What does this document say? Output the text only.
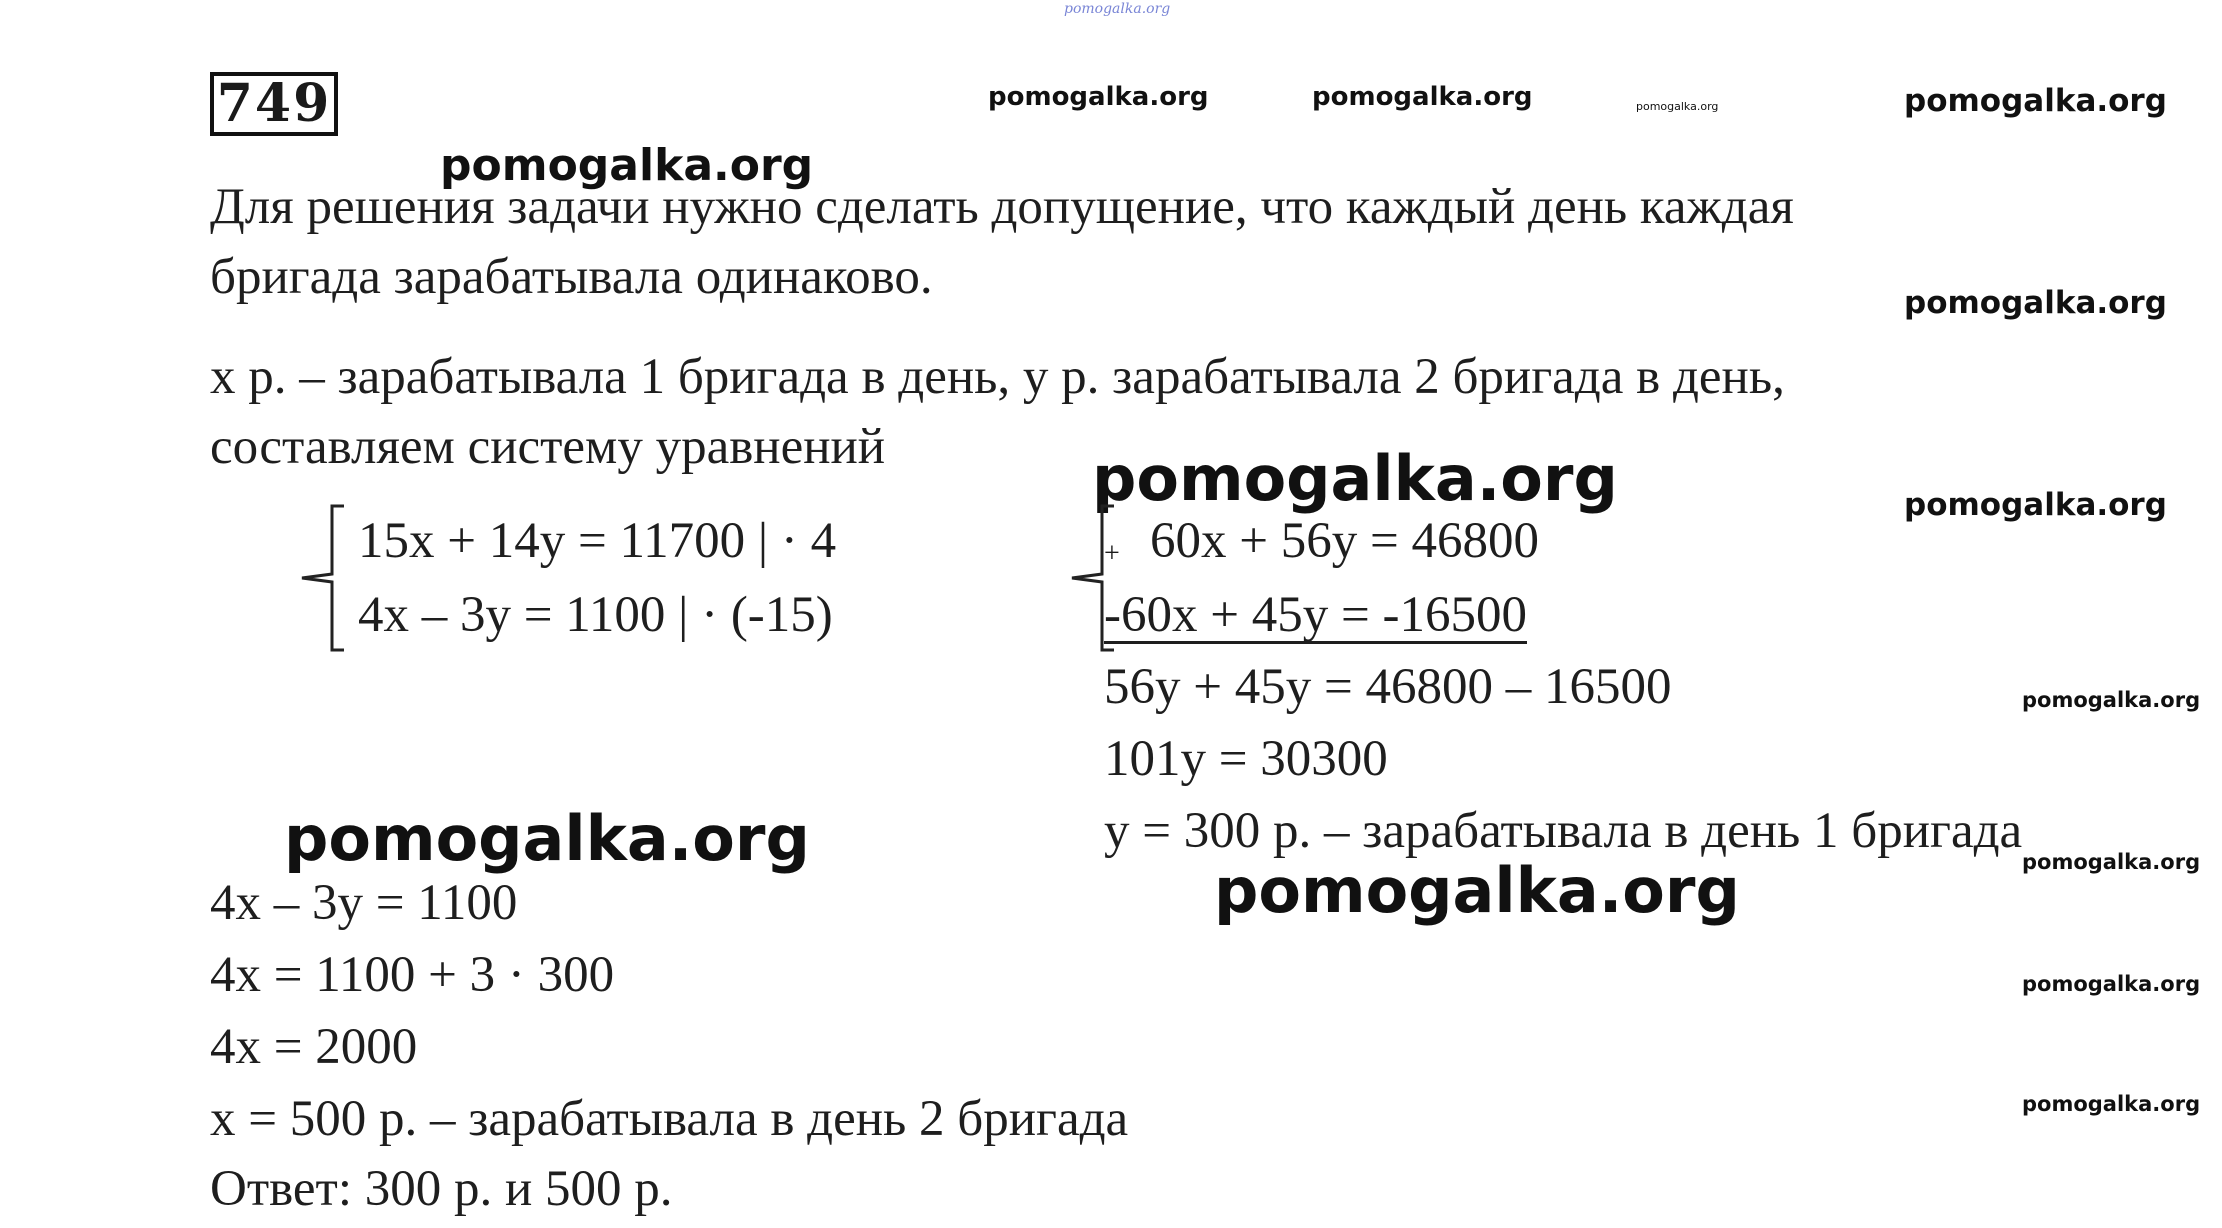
pomogalka.org
pomogalka.org	pomogalka.org	pomogalka.org	pomogalka.org
pomogalka.org
pomogalka.org
pomogalka.org	pomogalka.org
pomogalka.org
pomogalka.org	pomogalka.org
pomogalka.org
pomogalka.org
pomogalka.org
749
Для решения задачи нужно сделать допущение, что каждый день каждая
бригада зарабатывала одинаково.
x р. – зарабатывала 1 бригада в день, y р. зарабатывала 2 бригада в день,
составляем систему уравнений
15x + 14y = 11700 | · 4
4x – 3y = 1100 | · (-15)
+ 60x + 56y = 46800
-60x + 45y = -16500
56y + 45y = 46800 – 16500
101y = 30300
y = 300 р. – зарабатывала в день 1 бригада
4x – 3y = 1100
4x = 1100 + 3 · 300
4x = 2000
x = 500 р. – зарабатывала в день 2 бригада
Ответ: 300 р. и 500 р.
